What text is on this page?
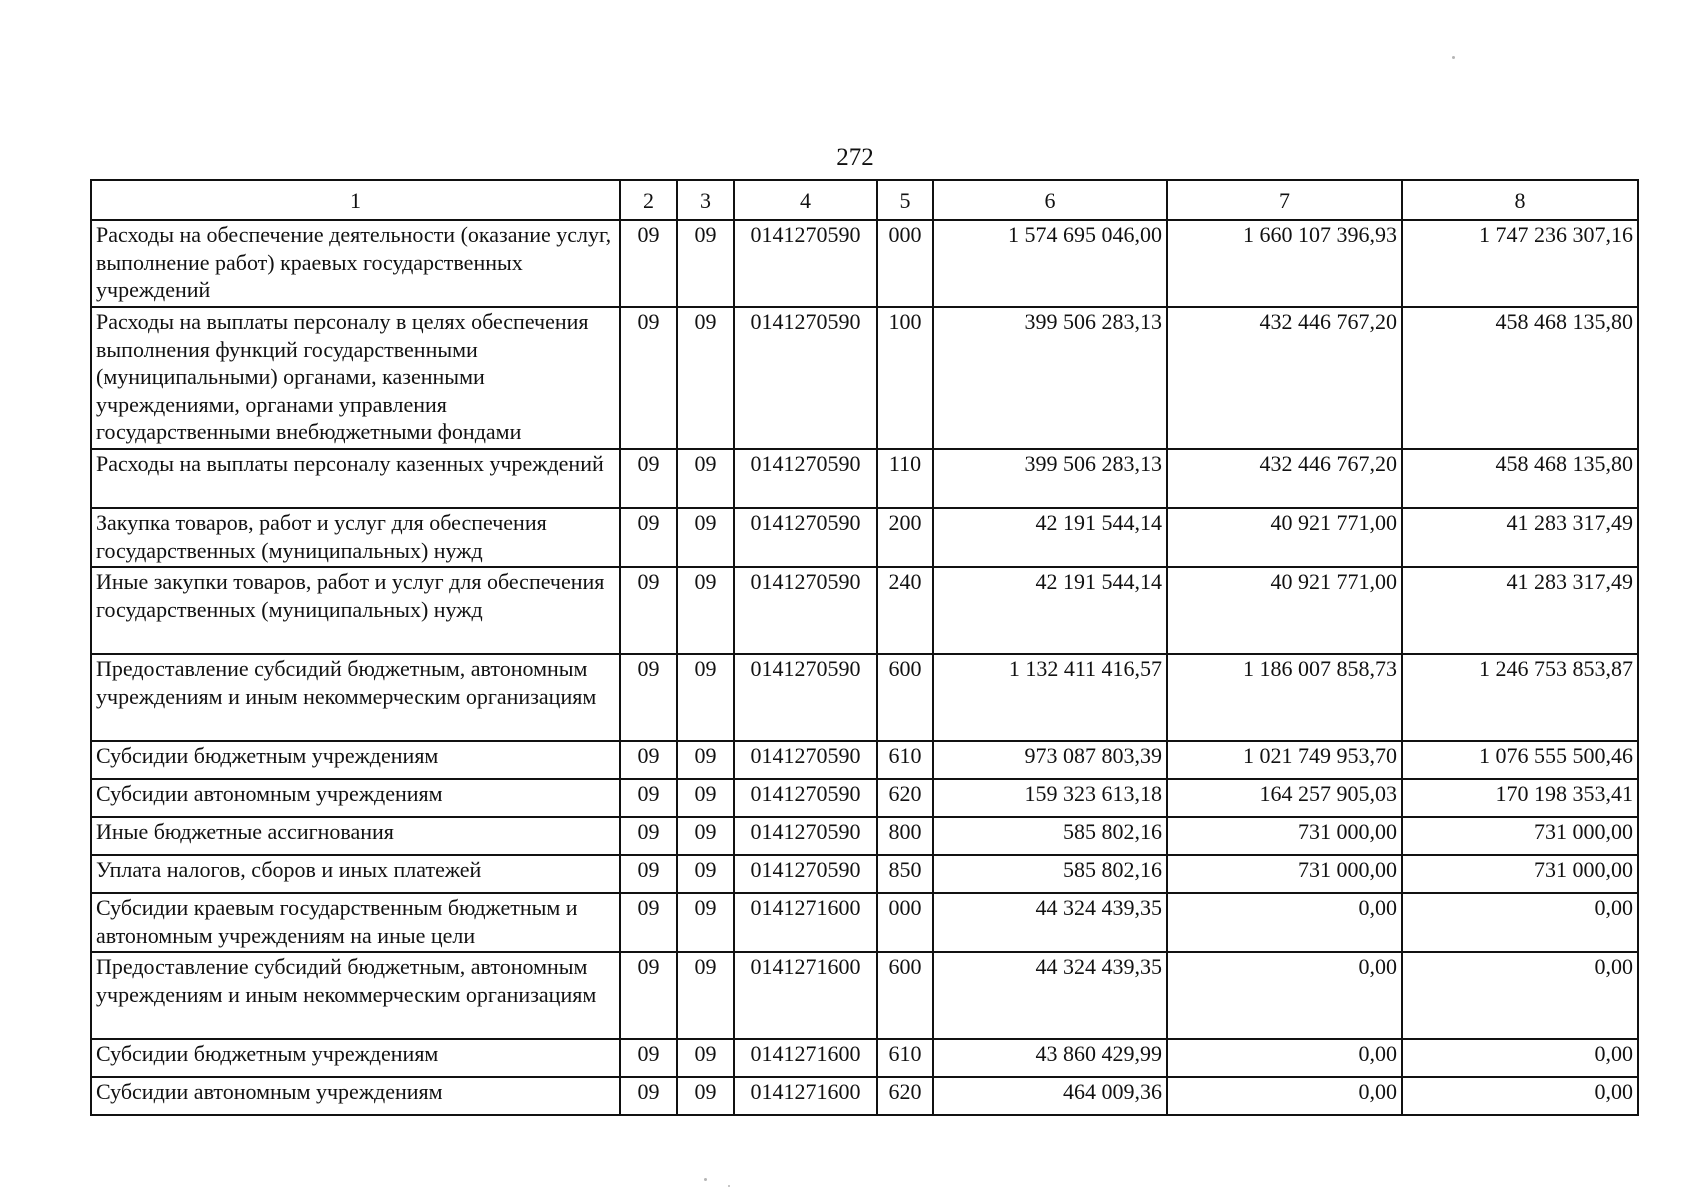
272
1	2	3	4	5	6	7	8
Расходы на обеспечение деятельности (оказание услуг, выполнение работ) краевых государственных учреждений	09	09	0141270590	000	1 574 695 046,00	1 660 107 396,93	1 747 236 307,16
Расходы на выплаты персоналу в целях обеспечения выполнения функций государственными (муниципальными) органами, казенными учреждениями, органами управления государственными внебюджетными фондами	09	09	0141270590	100	399 506 283,13	432 446 767,20	458 468 135,80
Расходы на выплаты персоналу казенных учреждений	09	09	0141270590	110	399 506 283,13	432 446 767,20	458 468 135,80
Закупка товаров, работ и услуг для обеспечения государственных (муниципальных) нужд	09	09	0141270590	200	42 191 544,14	40 921 771,00	41 283 317,49
Иные закупки товаров, работ и услуг для обеспечения государственных (муниципальных) нужд	09	09	0141270590	240	42 191 544,14	40 921 771,00	41 283 317,49
Предоставление субсидий бюджетным, автономным учреждениям и иным некоммерческим организациям	09	09	0141270590	600	1 132 411 416,57	1 186 007 858,73	1 246 753 853,87
Субсидии бюджетным учреждениям	09	09	0141270590	610	973 087 803,39	1 021 749 953,70	1 076 555 500,46
Субсидии автономным учреждениям	09	09	0141270590	620	159 323 613,18	164 257 905,03	170 198 353,41
Иные бюджетные ассигнования	09	09	0141270590	800	585 802,16	731 000,00	731 000,00
Уплата налогов, сборов и иных платежей	09	09	0141270590	850	585 802,16	731 000,00	731 000,00
Субсидии краевым государственным бюджетным и автономным учреждениям на иные цели	09	09	0141271600	000	44 324 439,35	0,00	0,00
Предоставление субсидий бюджетным, автономным учреждениям и иным некоммерческим организациям	09	09	0141271600	600	44 324 439,35	0,00	0,00
Субсидии бюджетным учреждениям	09	09	0141271600	610	43 860 429,99	0,00	0,00
Субсидии автономным учреждениям	09	09	0141271600	620	464 009,36	0,00	0,00
